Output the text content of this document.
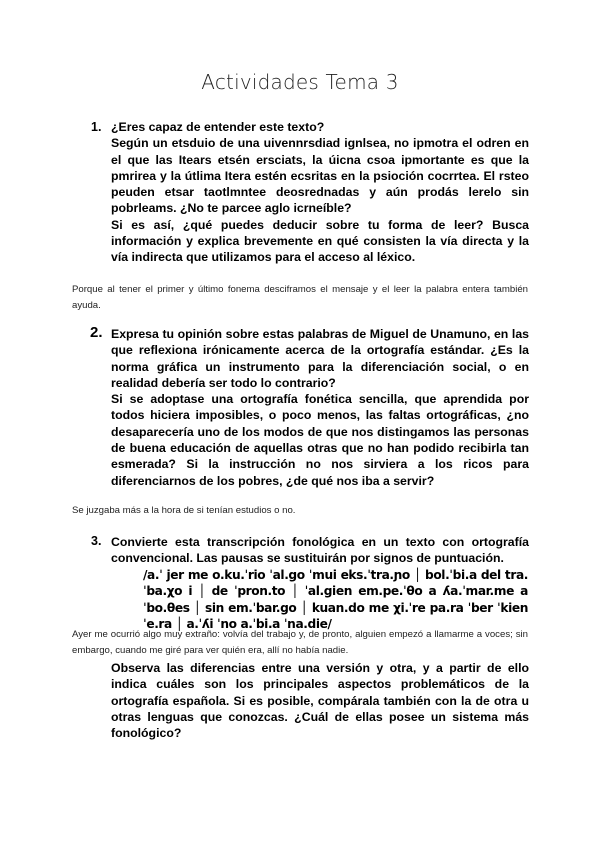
Actividades Tema 3
1. ¿Eres capaz de entender este texto?

Según un etsduio de una uivennrsdiad ignlsea, no ipmotra el odren en el que las Itears etsén ersciats, la úicna csoa ipmortante es que la pmrirea y la útlima Itera estén ecsritas en la psioción cocrrtea. El rsteo peuden etsar taotlmntee deosrednadas y aún prodás lerelo sin pobrleams. ¿No te parcee aglo icrneíble?

Si es así, ¿qué puedes deducir sobre tu forma de leer? Busca información y explica brevemente en qué consisten la vía directa y la vía indirecta que utilizamos para el acceso al léxico.

Porque al tener el primer y último fonema desciframos el mensaje y el leer la palabra entera también ayuda.

2. Expresa tu opinión sobre estas palabras de Miguel de Unamuno, en las que reflexiona irónicamente acerca de la ortografía estándar. ¿Es la norma gráfica un instrumento para la diferenciación social, o en realidad debería ser todo lo contrario?

Si se adoptase una ortografía fonética sencilla, que aprendida por todos hiciera imposibles, o poco menos, las faltas ortográficas, ¿no desaparecería uno de los modos de que nos distingamos las personas de buena educación de aquellas otras que no han podido recibirla tan esmerada? Si la instrucción no nos sirviera a los ricos para diferenciarnos de los pobres, ¿de qué nos iba a servir?

Se juzgaba más a la hora de si tenían estudios o no.

3. Convierte esta transcripción fonológica en un texto con ortografía convencional. Las pausas se sustituirán por signos de puntuación.

/a.ˈ jer me o.ku.ˈrio ˈal.go ˈmui eks.ˈtra.ɲo │ bol.ˈbi.a del tra.ˈba.χo i │ de ˈpron.to │ ˈal.gien em.pe.ˈθo a ʎa.ˈmar.me a ˈbo.θes │ sin em.ˈbar.go │ kuan.do me χi.ˈre pa.ra ˈber ˈkien ˈe.ra │ a.ˈʎi ˈno a.ˈbi.a ˈna.die/

Ayer me ocurrió algo muy extraño: volvía del trabajo y, de pronto, alguien empezó a llamarme a voces; sin embargo, cuando me giré para ver quién era, allí no había nadie.

Observa las diferencias entre una versión y otra, y a partir de ello indica cuáles son los principales aspectos problemáticos de la ortografía española. Si es posible, compárala también con la de otra u otras lenguas que conozcas. ¿Cuál de ellas posee un sistema más fonológico?
